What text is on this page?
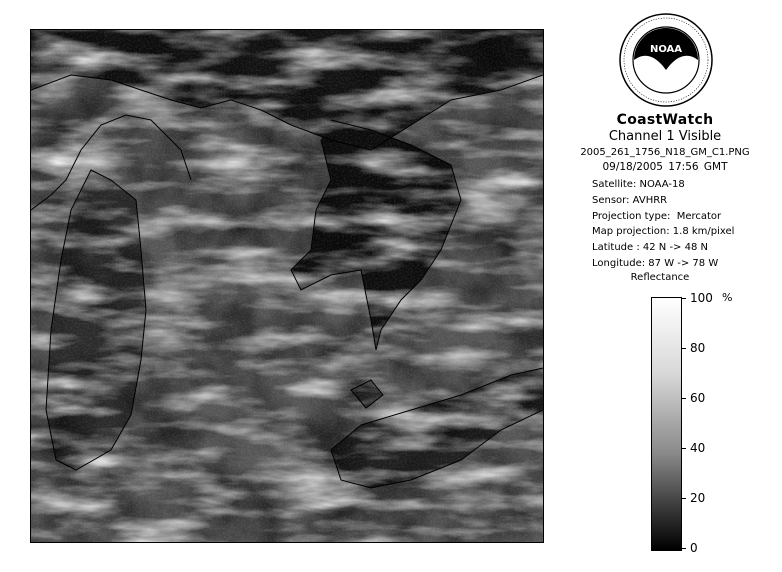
NOAA
CoastWatch
Channel 1 Visible
2005_261_1756_N18_GM_C1.PNG
09/18/2005 17:56 GMT
Satellite: NOAA-18
Sensor: AVHRR
Projection type:  Mercator
Map projection: 1.8 km/pixel
Latitude : 42 N -> 48 N
Longitude: 87 W -> 78 W
Reflectance
%
100
80
60
40
20
0
